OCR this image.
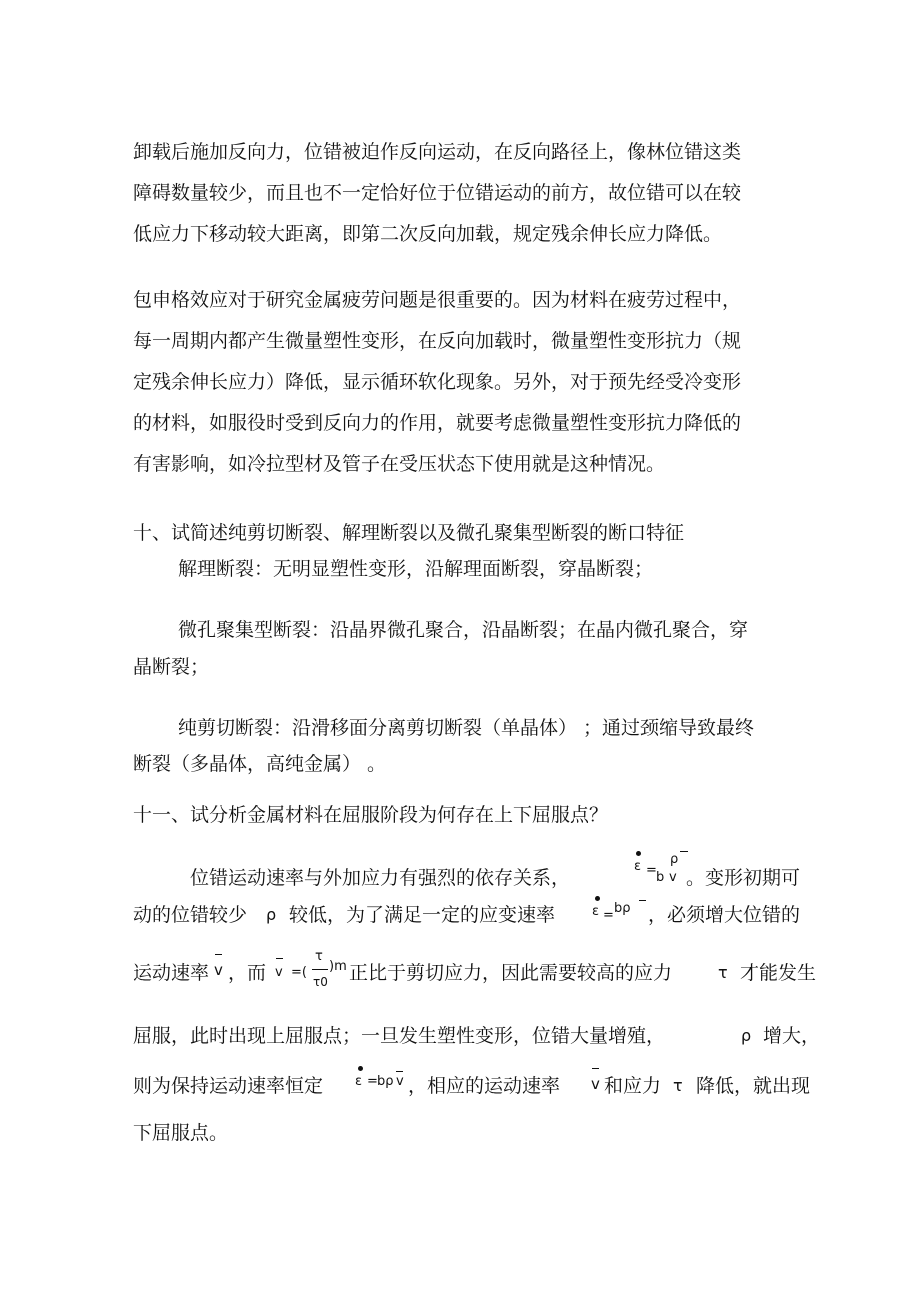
卸载后施加反向力，位错被迫作反向运动，在反向路径上，像林位错这类
障碍数量较少，而且也不一定恰好位于位错运动的前方，故位错可以在较
低应力下移动较大距离，即第二次反向加载，规定残余伸长应力降低。
包申格效应对于研究金属疲劳问题是很重要的。因为材料在疲劳过程中，
每一周期内都产生微量塑性变形，在反向加载时，微量塑性变形抗力（规
定残余伸长应力）降低，显示循环软化现象。另外，对于预先经受冷变形
的材料，如服役时受到反向力的作用，就要考虑微量塑性变形抗力降低的
有害影响，如冷拉型材及管子在受压状态下使用就是这种情况。
十、试简述纯剪切断裂、解理断裂以及微孔聚集型断裂的断口特征
解理断裂：无明显塑性变形，沿解理面断裂，穿晶断裂；
微孔聚集型断裂：沿晶界微孔聚合，沿晶断裂；在晶内微孔聚合，穿
晶断裂；
纯剪切断裂：沿滑移面分离剪切断裂（单晶体） ；通过颈缩导致最终
断裂（多晶体，高纯金属） 。
十一、试分析金属材料在屈服阶段为何存在上下屈服点？
位错运动速率与外加应力有强烈的依存关系，
ε =
ρ
b v 。变形初期可
动的位错较少 ρ 较低，为了满足一定的应变速率	ε = bρ ，必须增大位错的
运动速率 v ，而 v =(
τ
τ0
)m 正比于剪切应力，因此需要较高的应力	τ 才能发生
屈服，此时出现上屈服点；一旦发生塑性变形，位错大量增殖，	ρ 增大，
则为保持运动速率恒定 ε = bρ v ，相应的运动速率 v 和应力 τ 降低，就出现
下屈服点。
